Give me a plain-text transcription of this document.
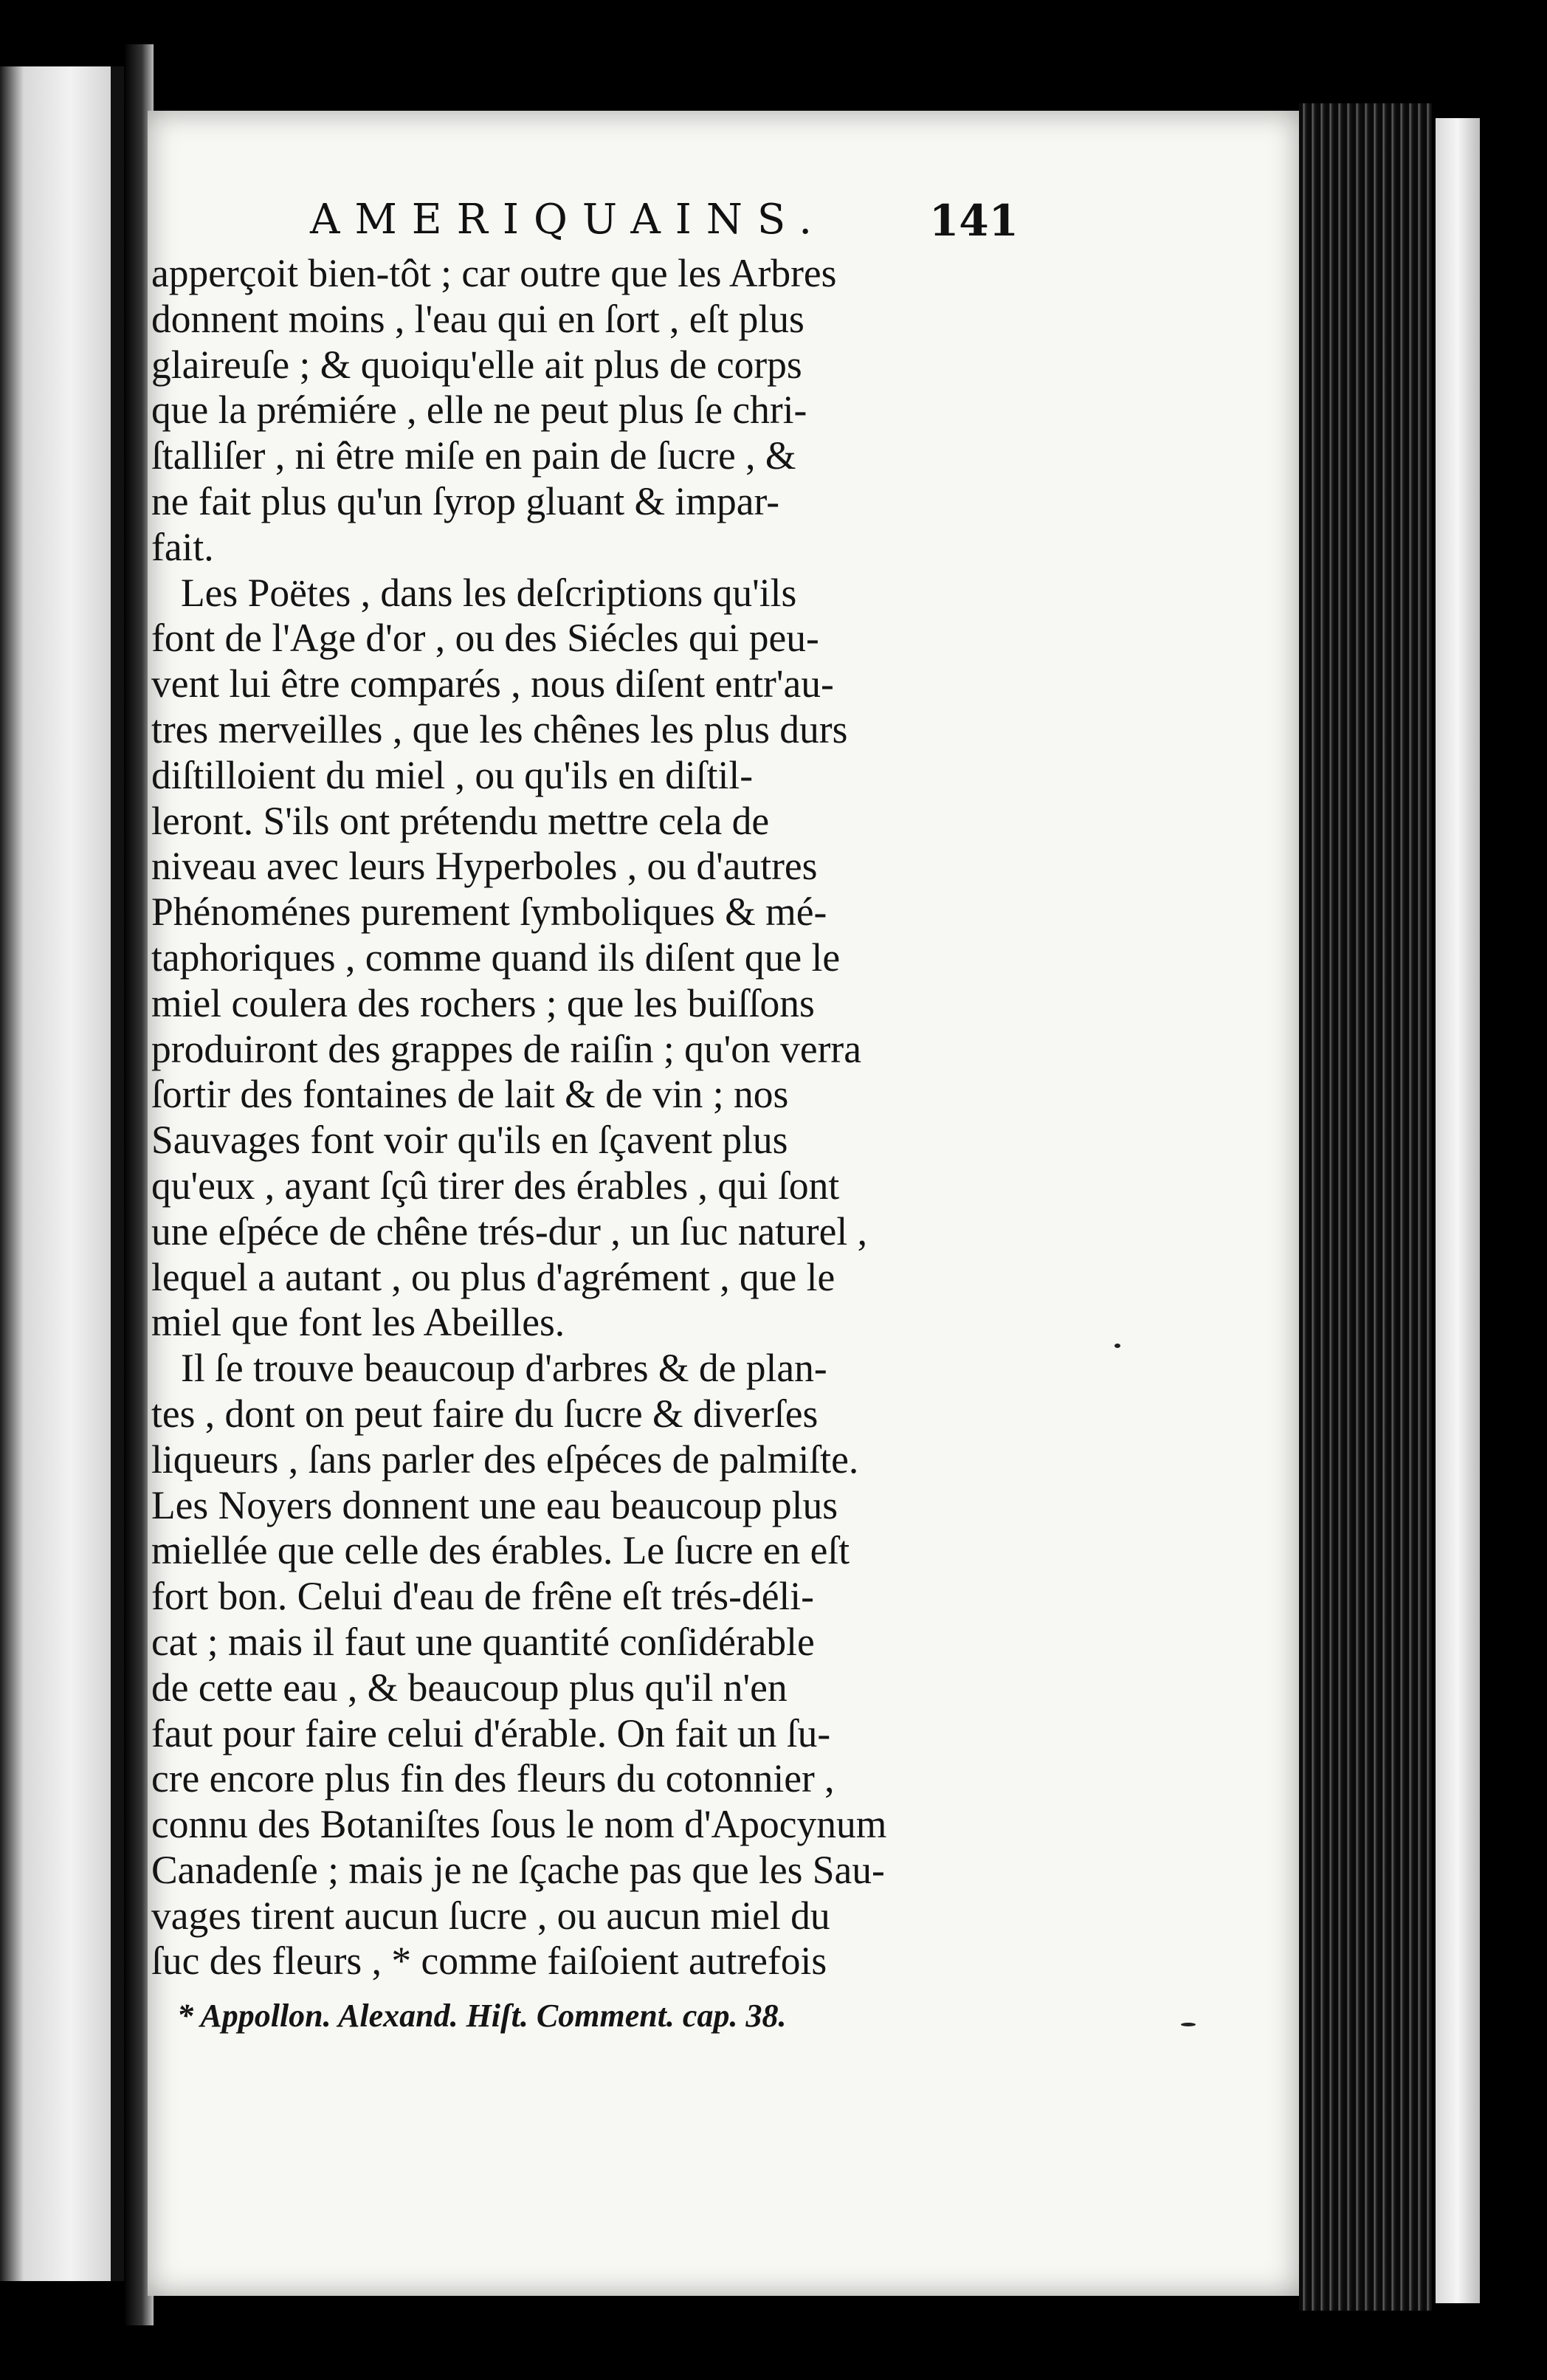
AMERIQUAINS. 141
apperçoit bien-tôt ; car outre que les Arbres
donnent moins , l'eau qui en ſort , eſt plus
glaireuſe ; & quoiqu'elle ait plus de corps
que la prémiére , elle ne peut plus ſe chri-
ſtalliſer , ni être miſe en pain de ſucre , &
ne fait plus qu'un ſyrop gluant & impar-
fait.
Les Poëtes , dans les deſcriptions qu'ils
font de l'Age d'or , ou des Siécles qui peu-
vent lui être comparés , nous diſent entr'au-
tres merveilles , que les chênes les plus durs
diſtilloient du miel , ou qu'ils en diſtil-
leront. S'ils ont prétendu mettre cela de
niveau avec leurs Hyperboles , ou d'autres
Phénoménes purement ſymboliques & mé-
taphoriques , comme quand ils diſent que le
miel coulera des rochers ; que les buiſſons
produiront des grappes de raiſin ; qu'on verra
ſortir des fontaines de lait & de vin ; nos
Sauvages font voir qu'ils en ſçavent plus
qu'eux , ayant ſçû tirer des érables , qui ſont
une eſpéce de chêne trés-dur , un ſuc naturel ,
lequel a autant , ou plus d'agrément , que le
miel que font les Abeilles.
Il ſe trouve beaucoup d'arbres & de plan-
tes , dont on peut faire du ſucre & diverſes
liqueurs , ſans parler des eſpéces de palmiſte.
Les Noyers donnent une eau beaucoup plus
miellée que celle des érables. Le ſucre en eſt
fort bon. Celui d'eau de frêne eſt trés-déli-
cat ; mais il faut une quantité conſidérable
de cette eau , & beaucoup plus qu'il n'en
faut pour faire celui d'érable. On fait un ſu-
cre encore plus fin des fleurs du cotonnier ,
connu des Botaniſtes ſous le nom d'Apocynum
Canadenſe ; mais je ne ſçache pas que les Sau-
vages tirent aucun ſucre , ou aucun miel du
ſuc des fleurs , * comme faiſoient autrefois
* Appollon. Alexand. Hiſt. Comment. cap. 38.
